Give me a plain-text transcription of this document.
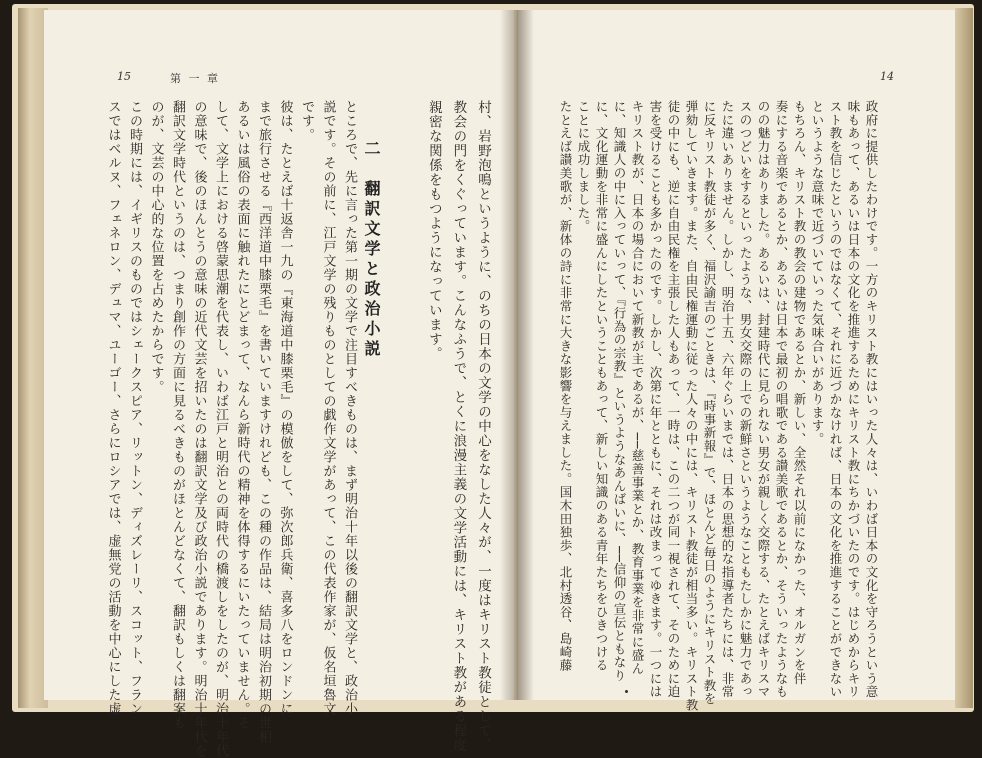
15	第 一 章
村、岩野泡鳴というように、のちの日本の文学の中心をなした人々が、一度はキリスト教徒として、
教会の門をくぐっています。こんなふうで、とくに浪漫主義の文学活動には、キリスト教がある程度
親密な関係をもつようになっています。
二　翻訳文学と政治小説
ところで、先に言った第一期の文学で注目すべきものは、まず明治十年以後の翻訳文学と、政治小
説です。その前に、江戸文学の残りものとしての戯作文学があって、この代表作家が、仮名垣魯文
です。
彼は、たとえば十返舎一九の『東海道中膝栗毛』の模倣をして、弥次郎兵衛、喜多八をロンドンに
まで旅行させる『西洋道中膝栗毛』を書いていますけれども、この種の作品は、結局は明治初期の世相
あるいは風俗の表面に触れたにとどまって、なんら新時代の精神を体得するにいたっていません。そ
して、文学上における啓蒙思潮を代表し、いわば江戸と明治との両時代の橋渡しをしたのが、明治十年代
の意味で、後のほんとうの意味の近代文芸を招いたのは翻訳文学及び政治小説であります。明治十年代を
翻訳文学時代というのは、つまり創作の方面に見るべきものがほとんどなくて、翻訳もしくは翻案も
のが、文芸の中心的な位置を占めたからです。
この時期には、イギリスのものではシェークスピア、リットン、ディズレーリ、スコット、フラン
スではベルヌ、フェネロン、デュマ、ユーゴー、さらにロシアでは、虚無党の活動を中心にした虚
14
政府に提供したわけです。一方のキリスト教にはいった人々は、いわば日本の文化を守ろうという意
味もあって、あるいは日本の文化を推進するためにキリスト教にちかづいたのです。はじめからキリ
スト教を信じたというのではなくて、それに近づかなければ、日本の文化を推進することができない
というような意味で近づいていった気味合いがあります。
もちろん、キリスト教の教会の建物であるとか、新しい、全然それ以前になかった、オルガンを伴
奏にする音楽であるとか、あるいは日本で最初の唱歌である讃美歌であるとか、そういったようなも
のの魅力はありました。あるいは、封建時代に見られない男女が親しく交際する、たとえばキリスマ
スのつどいをするといったような、男女交際の上での新鮮さというようなこともたしかに魅力であっ
たに違いありません。しかし、明治十五、六年ぐらいまでは、日本の思想的な指導者たちには、非常
に反キリスト教徒が多く、福沢諭吉のごときは、『時事新報』で、ほとんど毎日のようにキリスト教を
弾劾していきます。また、自由民権運動に従った人々の中には、キリスト教徒が相当多い。キリスト教
徒の中にも、逆に自由民権を主張した人もあって、一時は、この二つが同一視されて、そのために迫
害を受けることも多かったのです。しかし、次第に年とともに、それは改まってゆきます。一つには
キリスト教が、日本の場合において新教が主であるが、──慈善事業とか、教育事業を非常に盛ん
に、知識人の中に入っていって、『行為の宗教』というようなあんばいに、──信仰の宣伝ともなり
に、文化運動を非常に盛んにしたということもあって、新しい知識のある青年たちをひきつける
ことに成功しました。
たとえば讃美歌が、新体の詩に非常に大きな影響を与えました。国木田独歩、北村透谷、島崎藤
